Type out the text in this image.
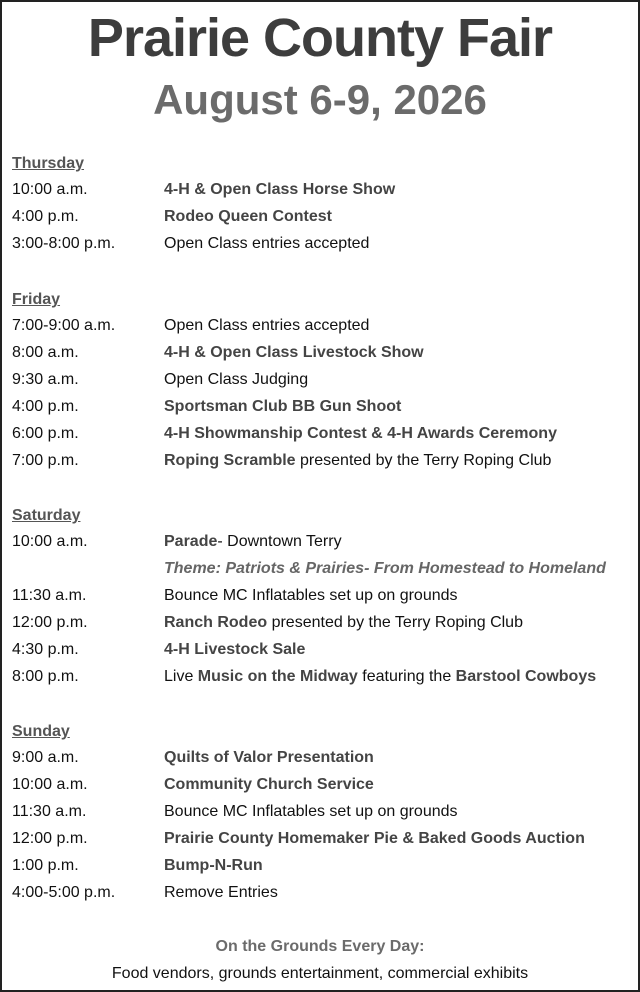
Prairie County Fair
August 6-9, 2026
Thursday
10:00 a.m.	4-H & Open Class Horse Show
4:00 p.m.	Rodeo Queen Contest
3:00-8:00 p.m.	Open Class entries accepted
Friday
7:00-9:00 a.m.	Open Class entries accepted
8:00 a.m.	4-H & Open Class Livestock Show
9:30 a.m.	Open Class Judging
4:00 p.m.	Sportsman Club BB Gun Shoot
6:00 p.m.	4-H Showmanship Contest & 4-H Awards Ceremony
7:00 p.m.	Roping Scramble presented by the Terry Roping Club
Saturday
10:00 a.m.	Parade- Downtown Terry
Theme: Patriots & Prairies- From Homestead to Homeland
11:30 a.m.	Bounce MC Inflatables set up on grounds
12:00 p.m.	Ranch Rodeo presented by the Terry Roping Club
4:30 p.m.	4-H Livestock Sale
8:00 p.m.	Live Music on the Midway featuring the Barstool Cowboys
Sunday
9:00 a.m.	Quilts of Valor Presentation
10:00 a.m.	Community Church Service
11:30 a.m.	Bounce MC Inflatables set up on grounds
12:00 p.m.	Prairie County Homemaker Pie & Baked Goods Auction
1:00 p.m.	Bump-N-Run
4:00-5:00 p.m.	Remove Entries
On the Grounds Every Day:
Food vendors, grounds entertainment, commercial exhibits
